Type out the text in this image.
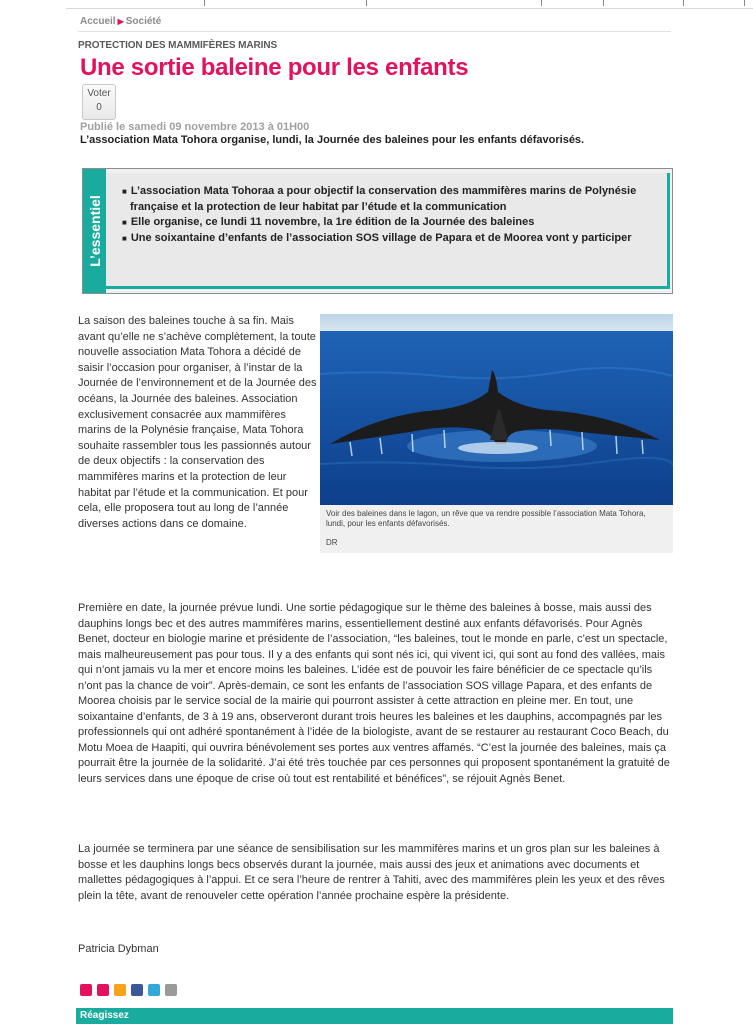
Accueil ▶ Société
PROTECTION DES MAMMIFÈRES MARINS
Une sortie baleine pour les enfants
Voter
0
Publié le samedi 09 novembre 2013 à 01H00
L’association Mata Tohora organise, lundi, la Journée des baleines pour les enfants défavorisés.
L’essentiel
■ L’association Mata Tohoraa a pour objectif la conservation des mammifères marins de Polynésie française et la protection de leur habitat par l’étude et la communication
■ Elle organise, ce lundi 11 novembre, la 1re édition de la Journée des baleines
■ Une soixantaine d’enfants de l’association SOS village de Papara et de Moorea vont y participer

La saison des baleines touche à sa fin. Mais avant qu’elle ne s’achève complètement, la toute nouvelle association Mata Tohora a décidé de saisir l’occasion pour organiser, à l’instar de la Journée de l’environnement et de la Journée des océans, la Journée des baleines. Association exclusivement consacrée aux mammifères marins de la Polynésie française, Mata Tohora souhaite rassembler tous les passionnés autour de deux objectifs : la conservation des mammifères marins et la protection de leur habitat par l’étude et la communication. Et pour cela, elle proposera tout au long de l’année diverses actions dans ce domaine.

Voir des baleines dans le lagon, un rêve que va rendre possible l’association Mata Tohora, lundi, pour les enfants défavorisés.
DR

Première en date, la journée prévue lundi. Une sortie pédagogique sur le thème des baleines à bosse, mais aussi des dauphins longs bec et des autres mammifères marins, essentiellement destiné aux enfants défavorisés. Pour Agnès Benet, docteur en biologie marine et présidente de l’association, “les baleines, tout le monde en parle, c’est un spectacle, mais malheureusement pas pour tous. Il y a des enfants qui sont nés ici, qui vivent ici, qui sont au fond des vallées, mais qui n’ont jamais vu la mer et encore moins les baleines. L’idée est de pouvoir les faire bénéficier de ce spectacle qu’ils n’ont pas la chance de voir”. Après-demain, ce sont les enfants de l’association SOS village Papara, et des enfants de Moorea choisis par le service social de la mairie qui pourront assister à cette attraction en pleine mer. En tout, une soixantaine d’enfants, de 3 à 19 ans, observeront durant trois heures les baleines et les dauphins, accompagnés par les professionnels qui ont adhéré spontanément à l’idée de la biologiste, avant de se restaurer au restaurant Coco Beach, du Motu Moea de Haapiti, qui ouvrira bénévolement ses portes aux ventres affamés. “C’est la journée des baleines, mais ça pourrait être la journée de la solidarité. J’ai été très touchée par ces personnes qui proposent spontanément la gratuité de leurs services dans une époque de crise où tout est rentabilité et bénéfices”, se réjouit Agnès Benet.

La journée se terminera par une séance de sensibilisation sur les mammifères marins et un gros plan sur les baleines à bosse et les dauphins longs becs observés durant la journée, mais aussi des jeux et animations avec documents et mallettes pédagogiques à l’appui. Et ce sera l’heure de rentrer à Tahiti, avec des mammifères plein les yeux et des rêves plein la tête, avant de renouveler cette opération l’année prochaine espère la présidente.

Patricia Dybman
Réagissez
